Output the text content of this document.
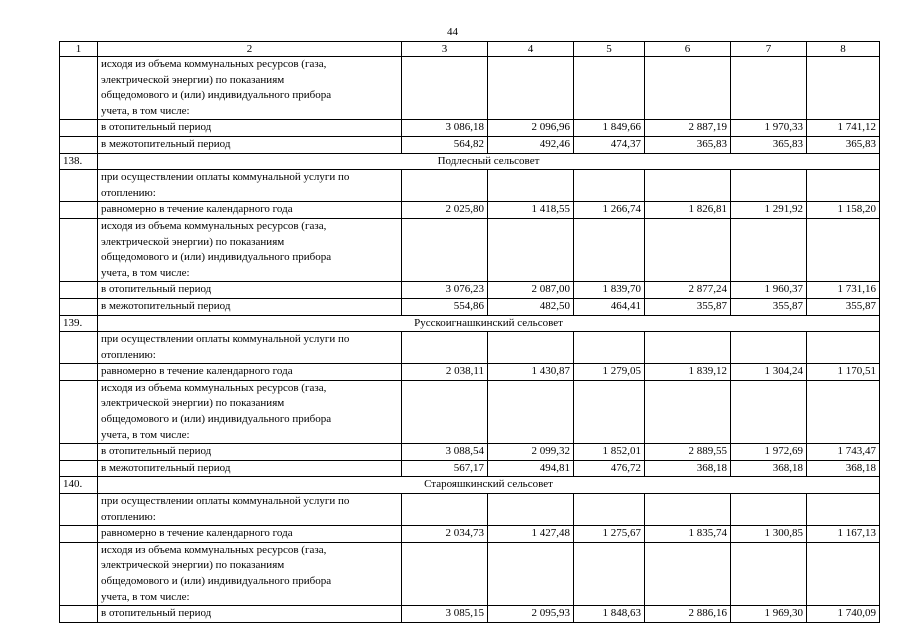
44
1	2	3	4	5	6	7	8

	исходя из объема коммунальных ресурсов (газа,
электрической энергии) по показаниям
общедомового и (или) индивидуального прибора
учета, в том числе:						

	в отопительный период	3 086,18	2 096,96	1 849,66	2 887,19	1 970,33	1 741,12
	в межотопительный период	564,82	492,46	474,37	365,83	365,83	365,83
138.	Подлесный сельсовет						

	при осуществлении оплаты коммунальной услуги по
отоплению:						

	равномерно в течение календарного года	2 025,80	1 418,55	1 266,74	1 826,81	1 291,92	1 158,20

	исходя из объема коммунальных ресурсов (газа,
электрической энергии) по показаниям
общедомового и (или) индивидуального прибора
учета, в том числе:						

	в отопительный период	3 076,23	2 087,00	1 839,70	2 877,24	1 960,37	1 731,16
	в межотопительный период	554,86	482,50	464,41	355,87	355,87	355,87
139.	Русскоигнашкинский сельсовет						

	при осуществлении оплаты коммунальной услуги по
отоплению:						

	равномерно в течение календарного года	2 038,11	1 430,87	1 279,05	1 839,12	1 304,24	1 170,51

	исходя из объема коммунальных ресурсов (газа,
электрической энергии) по показаниям
общедомового и (или) индивидуального прибора
учета, в том числе:						

	в отопительный период	3 088,54	2 099,32	1 852,01	2 889,55	1 972,69	1 743,47
	в межотопительный период	567,17	494,81	476,72	368,18	368,18	368,18
140.	Старояшкинский сельсовет						

	при осуществлении оплаты коммунальной услуги по
отоплению:						

	равномерно в течение календарного года	2 034,73	1 427,48	1 275,67	1 835,74	1 300,85	1 167,13

	исходя из объема коммунальных ресурсов (газа,
электрической энергии) по показаниям
общедомового и (или) индивидуального прибора
учета, в том числе:						

	в отопительный период	3 085,15	2 095,93	1 848,63	2 886,16	1 969,30	1 740,09
